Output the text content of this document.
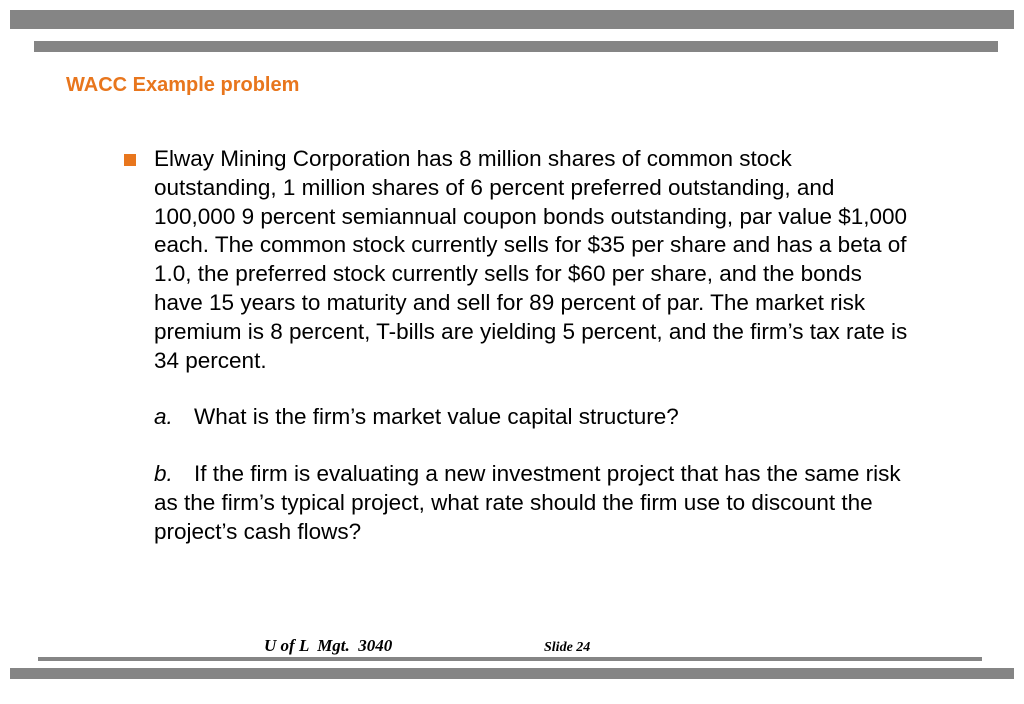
WACC Example problem

Elway Mining Corporation has 8 million shares of common stock outstanding, 1 million shares of 6 percent preferred outstanding, and 100,000 9 percent semiannual coupon bonds outstanding, par value $1,000 each. The common stock currently sells for $35 per share and has a beta of 1.0, the preferred stock currently sells for $60 per share, and the bonds have 15 years to maturity and sell for 89 percent of par. The market risk premium is 8 percent, T-bills are yielding 5 percent, and the firm’s tax rate is 34 percent.

a. What is the firm’s market value capital structure?
b. If the firm is evaluating a new investment project that has the same risk as the firm’s typical project, what rate should the firm use to discount the project’s cash flows?
U of L  Mgt.  3040	Slide 24
